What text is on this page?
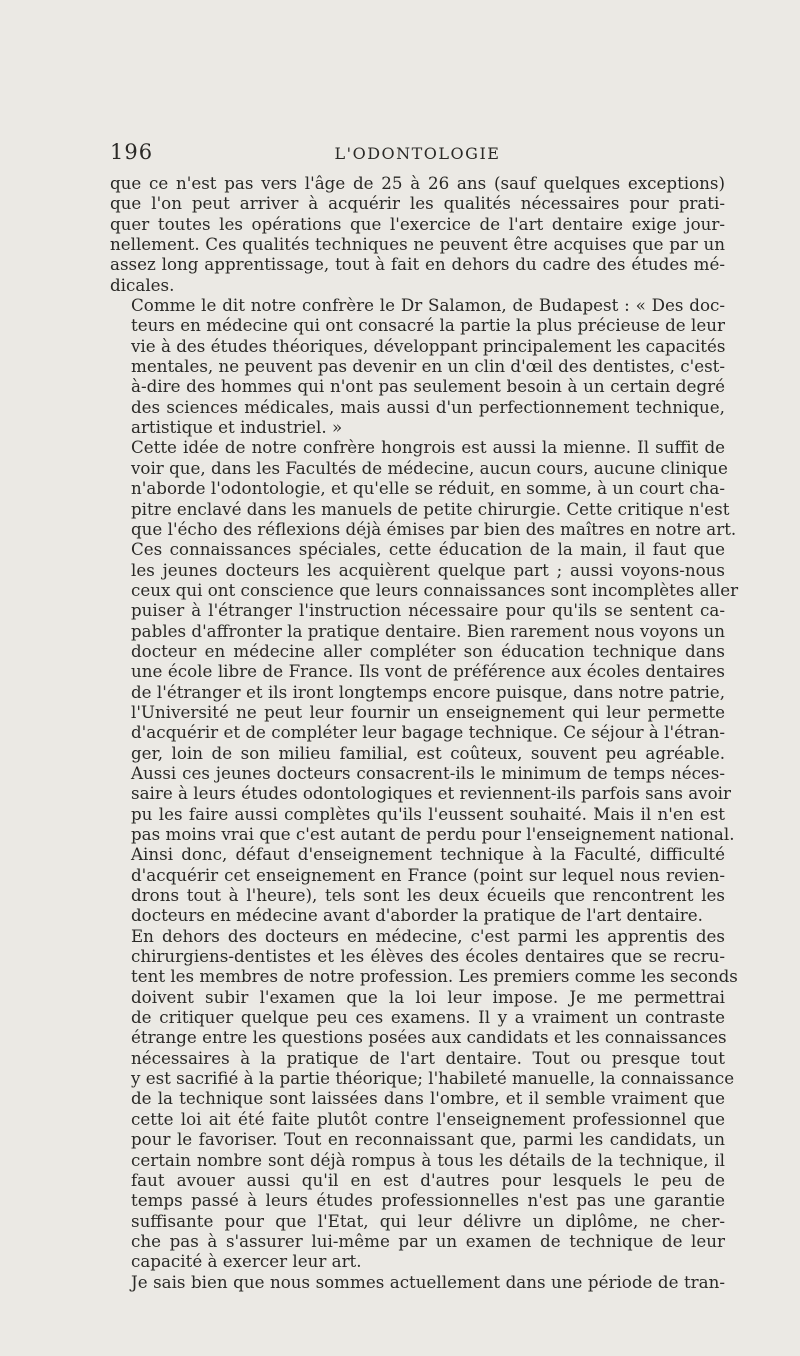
196	L'ODONTOLOGIE

que ce n'est pas vers l'âge de 25 à 26 ans (sauf quelques exceptions)
que l'on peut arriver à acquérir les qualités nécessaires pour prati-
quer toutes les opérations que l'exercice de l'art dentaire exige jour-
nellement. Ces qualités techniques ne peuvent être acquises que par un
assez long apprentissage, tout à fait en dehors du cadre des études mé-
dicales.

Comme le dit notre confrère le Dr Salamon, de Budapest : « Des doc-
teurs en médecine qui ont consacré la partie la plus précieuse de leur
vie à des études théoriques, développant principalement les capacités
mentales, ne peuvent pas devenir en un clin d'œil des dentistes, c'est-
à-dire des hommes qui n'ont pas seulement besoin à un certain degré
des sciences médicales, mais aussi d'un perfectionnement technique,
artistique et industriel. »

Cette idée de notre confrère hongrois est aussi la mienne. Il suffit de
voir que, dans les Facultés de médecine, aucun cours, aucune clinique
n'aborde l'odontologie, et qu'elle se réduit, en somme, à un court cha-
pitre enclavé dans les manuels de petite chirurgie. Cette critique n'est
que l'écho des réflexions déjà émises par bien des maîtres en notre art.

Ces connaissances spéciales, cette éducation de la main, il faut que
les jeunes docteurs les acquièrent quelque part ; aussi voyons-nous
ceux qui ont conscience que leurs connaissances sont incomplètes aller
puiser à l'étranger l'instruction nécessaire pour qu'ils se sentent ca-
pables d'affronter la pratique dentaire. Bien rarement nous voyons un
docteur en médecine aller compléter son éducation technique dans
une école libre de France. Ils vont de préférence aux écoles dentaires
de l'étranger et ils iront longtemps encore puisque, dans notre patrie,
l'Université ne peut leur fournir un enseignement qui leur permette
d'acquérir et de compléter leur bagage technique. Ce séjour à l'étran-
ger, loin de son milieu familial, est coûteux, souvent peu agréable.
Aussi ces jeunes docteurs consacrent-ils le minimum de temps néces-
saire à leurs études odontologiques et reviennent-ils parfois sans avoir
pu les faire aussi complètes qu'ils l'eussent souhaité. Mais il n'en est
pas moins vrai que c'est autant de perdu pour l'enseignement national.
Ainsi donc, défaut d'enseignement technique à la Faculté, difficulté
d'acquérir cet enseignement en France (point sur lequel nous revien-
drons tout à l'heure), tels sont les deux écueils que rencontrent les
docteurs en médecine avant d'aborder la pratique de l'art dentaire.

En dehors des docteurs en médecine, c'est parmi les apprentis des
chirurgiens-dentistes et les élèves des écoles dentaires que se recru-
tent les membres de notre profession. Les premiers comme les seconds
doivent subir l'examen que la loi leur impose. Je me permettrai
de critiquer quelque peu ces examens. Il y a vraiment un contraste
étrange entre les questions posées aux candidats et les connaissances
nécessaires à la pratique de l'art dentaire. Tout ou presque tout
y est sacrifié à la partie théorique; l'habileté manuelle, la connaissance
de la technique sont laissées dans l'ombre, et il semble vraiment que
cette loi ait été faite plutôt contre l'enseignement professionnel que
pour le favoriser. Tout en reconnaissant que, parmi les candidats, un
certain nombre sont déjà rompus à tous les détails de la technique, il
faut avouer aussi qu'il en est d'autres pour lesquels le peu de
temps passé à leurs études professionnelles n'est pas une garantie
suffisante pour que l'Etat, qui leur délivre un diplôme, ne cher-
che pas à s'assurer lui-même par un examen de technique de leur
capacité à exercer leur art.

Je sais bien que nous sommes actuellement dans une période de tran-
